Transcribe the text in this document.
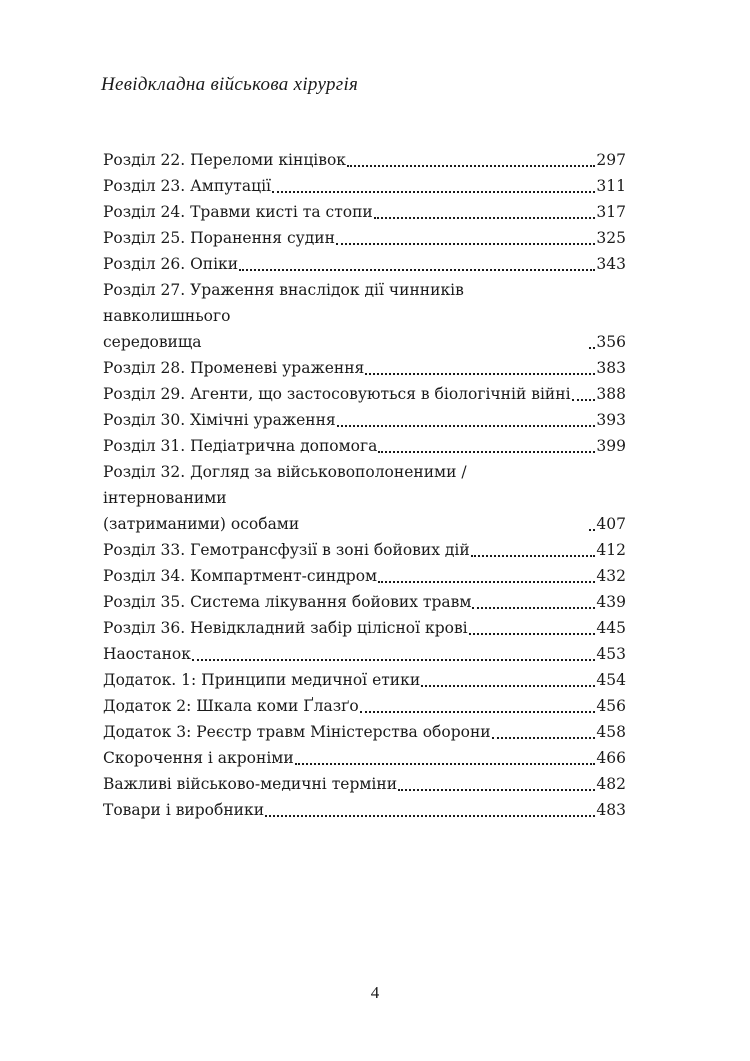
Невідкладна військова хірургія
Розділ 22. Переломи кінцівок	297
Розділ 23. Ампутації	311
Розділ 24. Травми кисті та стопи	317
Розділ 25. Поранення судин	325
Розділ 26. Опіки	343
Розділ 27. Ураження внаслідок дії чинників навколишнього
середовища	356
Розділ 28. Променеві ураження	383
Розділ 29. Агенти, що застосовуються в біологічній війні 388
Розділ 30. Хімічні ураження	393
Розділ 31. Педіатрична допомога	399
Розділ 32. Догляд за військовополоненими / інтернованими
(затриманими) особами	407
Розділ 33. Гемотрансфузії в зоні бойових дій	412
Розділ 34. Компартмент-синдром	432
Розділ 35. Система лікування бойових травм	439
Розділ 36. Невідкладний забір цілісної крові	445
Наостанок	453
Додаток. 1: Принципи медичної етики	454
Додаток 2: Шкала коми Ґлазґо	456
Додаток 3: Реєстр травм Міністерства оборони	458
Скорочення і акроніми	466
Важливі військово-медичні терміни	482
Товари і виробники	483
4
